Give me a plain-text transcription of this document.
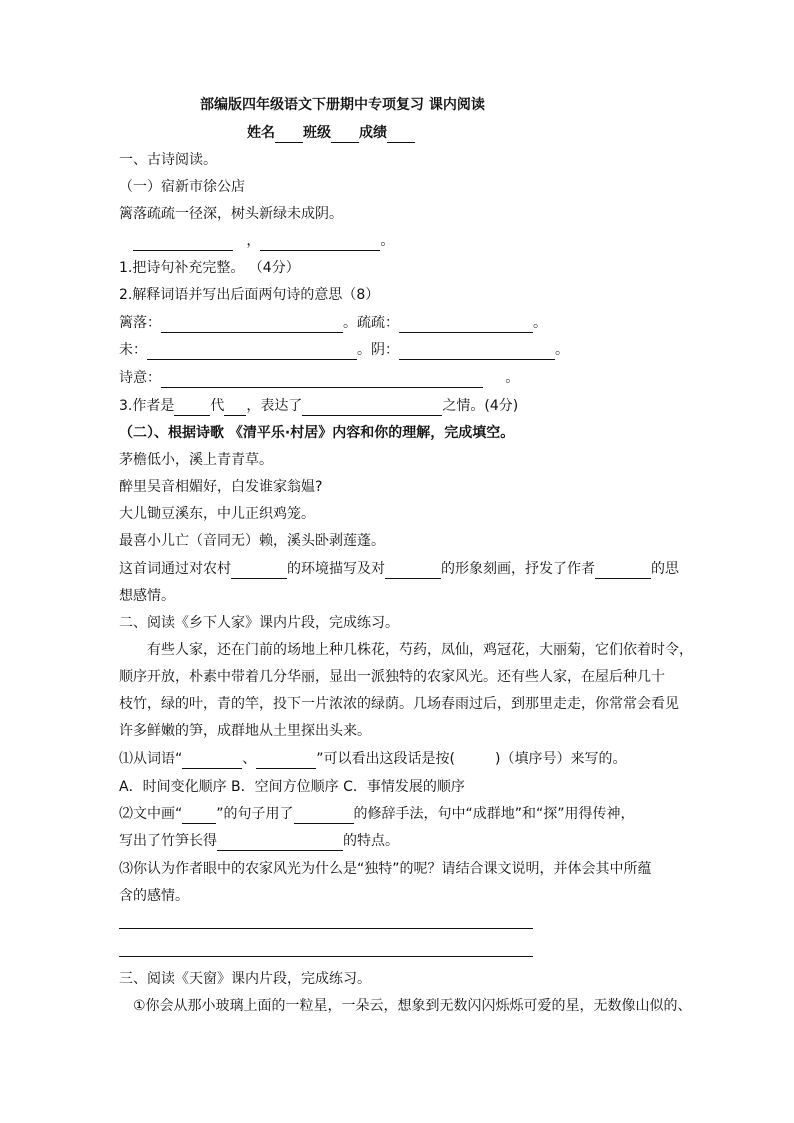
部编版四年级语文下册期中专项复习 课内阅读
姓名 班级 成绩
一、古诗阅读。
（一）宿新市徐公店
篱落疏疏一径深，树头新绿未成阴。
，	。
1.把诗句补充完整。 （4分）
2.解释词语并写出后面两句诗的意思（8）
篱落：	。疏疏：	。
未：	。阴：	。
诗意：	。
3.作者是	代 ，表达了	之情。(4分)
（二）、根据诗歌 《清平乐·村居》内容和你的理解，完成填空。
茅檐低小，溪上青青草。
醉里吴音相媚好，白发谁家翁媪?
大儿锄豆溪东，中儿正织鸡笼。
最喜小儿亡（音同无）赖，溪头卧剥莲蓬。
这首词通过对农村	的环境描写及对	的形象刻画，抒发了作者	的思
想感情。
二、阅读《乡下人家》课内片段，完成练习。
有些人家，还在门前的场地上种几株花，芍药，凤仙，鸡冠花，大丽菊，它们依着时令，
顺序开放，朴素中带着几分华丽，显出一派独特的农家风光。还有些人家，在屋后种几十
枝竹，绿的叶，青的竿，投下一片浓浓的绿荫。几场春雨过后，到那里走走，你常常会看见
许多鲜嫩的笋，成群地从土里探出头来。
⑴从词语“	、	”可以看出这段话是按(	)（填序号）来写的。
A．时间变化顺序 B．空间方位顺序 C．事情发展的顺序
⑵文中画“ ”的句子用了	的修辞手法，句中“成群地”和“探”用得传神，
写出了竹笋长得	的特点。
⑶你认为作者眼中的农家风光为什么是“独特”的呢？请结合课文说明，并体会其中所蕴
含的感情。
三、阅读《天窗》课内片段，完成练习。
①你会从那小玻璃上面的一粒星，一朵云，想象到无数闪闪烁烁可爱的星，无数像山似的、
